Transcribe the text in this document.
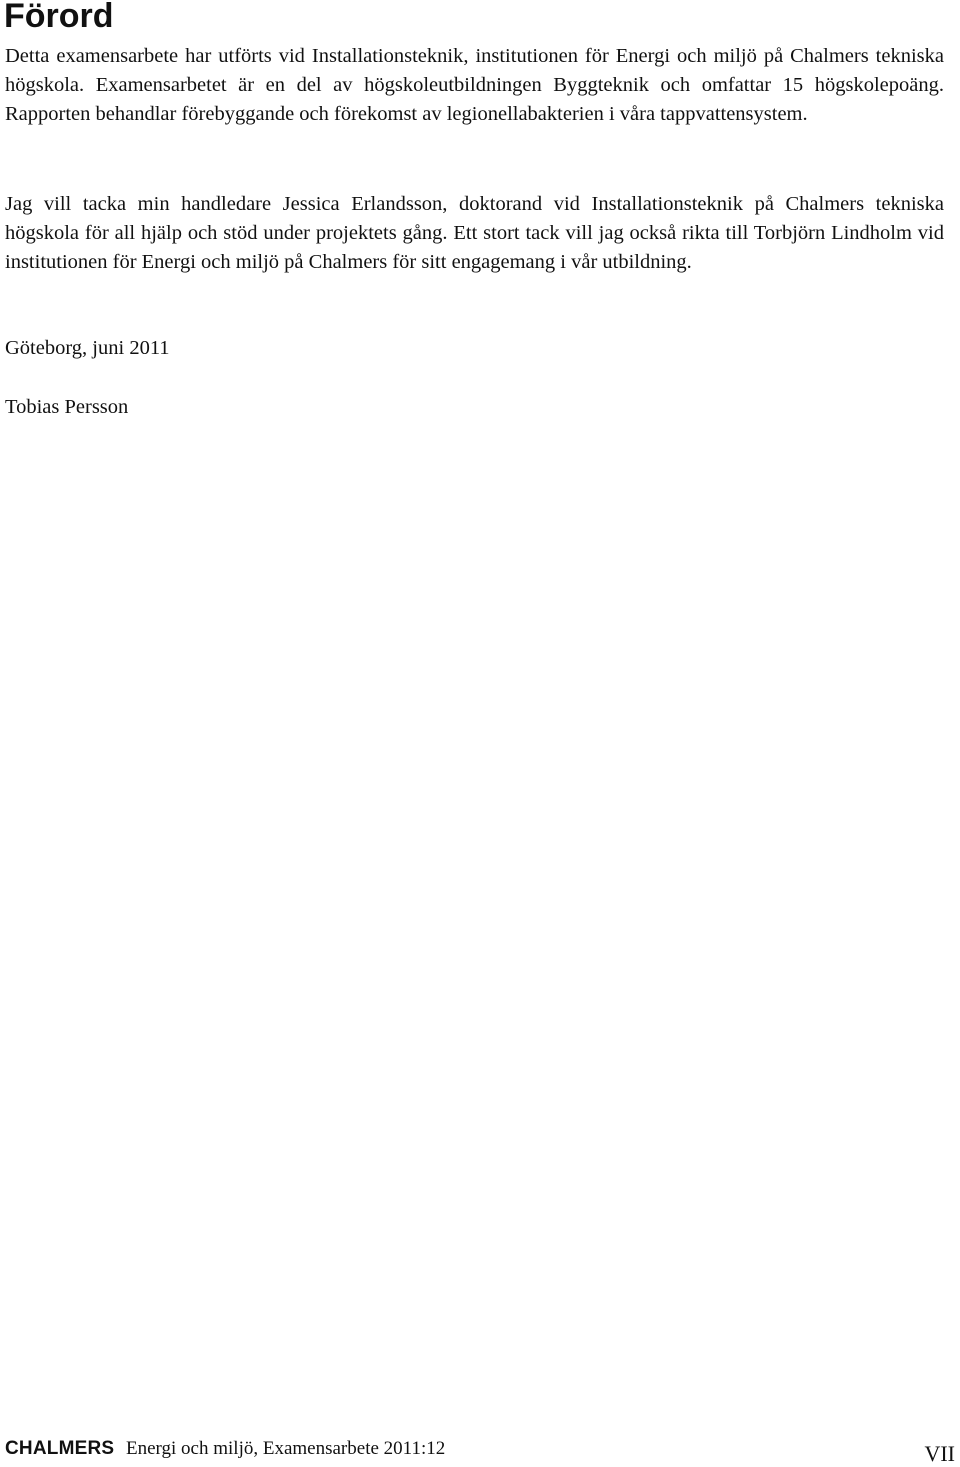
Förord

Detta examensarbete har utförts vid Installationsteknik, institutionen för Energi och miljö på Chalmers tekniska högskola. Examensarbetet är en del av högskoleutbildningen Byggteknik och omfattar 15 högskolepoäng. Rapporten behandlar förebyggande och förekomst av legionellabakterien i våra tappvattensystem.

Jag vill tacka min handledare Jessica Erlandsson, doktorand vid Installationsteknik på Chalmers tekniska högskola för all hjälp och stöd under projektets gång. Ett stort tack vill jag också rikta till Torbjörn Lindholm vid institutionen för Energi och miljö på Chalmers för sitt engagemang i vår utbildning.

Göteborg, juni 2011

Tobias Persson

CHALMERS Energi och miljö, Examensarbete 2011:12	VII
